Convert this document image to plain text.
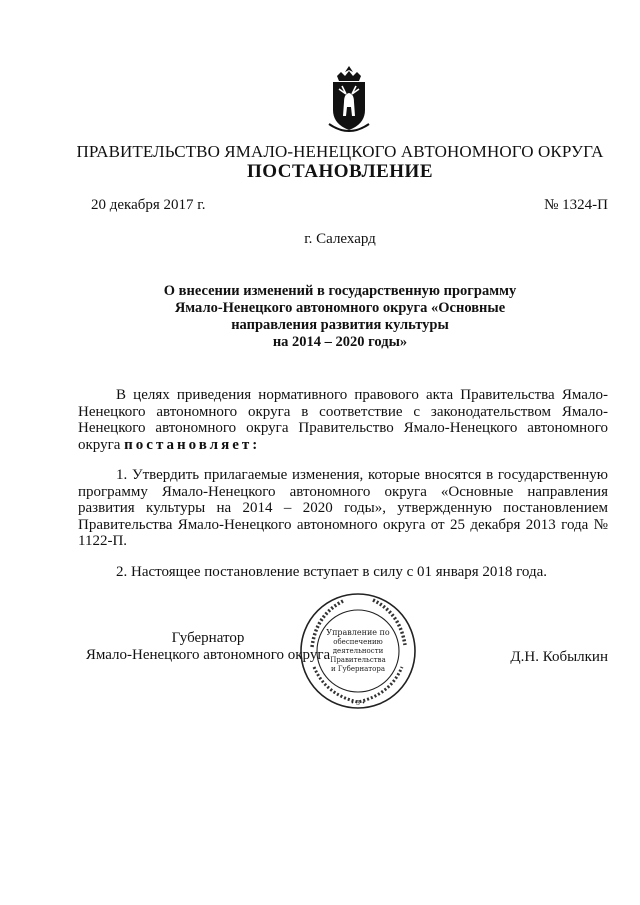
ПРАВИТЕЛЬСТВО ЯМАЛО-НЕНЕЦКОГО АВТОНОМНОГО ОКРУГА
ПОСТАНОВЛЕНИЕ
20 декабря 2017 г.	№ 1324-П
г. Салехард
О внесении изменений в государственную программу
Ямало-Ненецкого автономного округа «Основные
направления развития культуры
на 2014 – 2020 годы»

В целях приведения нормативного правового акта Правительства Ямало-Ненецкого автономного округа в соответствие с законодательством Ямало-Ненецкого автономного округа Правительство Ямало-Ненецкого автономного округа постановляет:

1. Утвердить прилагаемые изменения, которые вносятся в государственную программу Ямало-Ненецкого автономного округа «Основные направления развития культуры на 2014 – 2020 годы», утвержденную постановлением Правительства Ямало-Ненецкого автономного округа от 25 декабря 2013 года № 1122-П.

2. Настоящее постановление вступает в силу с 01 января 2018 года.

Губернатор
Ямало-Ненецкого автономного округа	Д.Н. Кобылкин
Управление по
обеспечению
деятельности
Правительства
и Губернатора
• 3 •
